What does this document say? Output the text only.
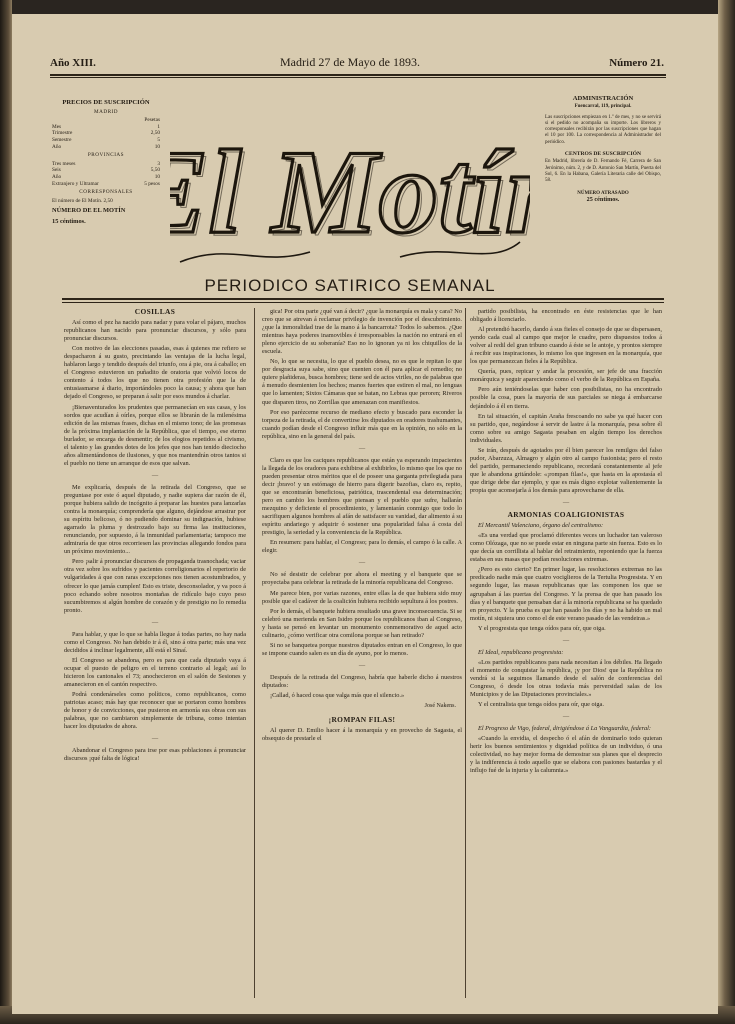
Año XIII.	Madrid 27 de Mayo de 1893.	Número 21.
PRECIOS DE SUSCRIPCIÓN
MADRID
Pesetas
Mes	1
Trimestre	2,50
Semestre	5
Año	10
PROVINCIAS
Tres meses	3
Seis	5,50
Año	10
Extranjero y Ultramar	5 pesos
CORRESPONSALES
El número de El Motín. 2,50
NÚMERO DE EL MOTÍN
15 céntimos.	l Motí
l Motí
PERIODICO SATIRICO SEMANAL
ADMINISTRACIÓN
Fuencarral, 119, principal.
Las suscripciones empiezan en 1.º de mes, y no se servirá si el pedido no acompaña su importe. Los libreros y corresponsales recibirán por las suscripciones que hagan el 10 por 100. La correspondencia al Administrador del periódico.
CENTROS DE SUSCRIPCIÓN
En Madrid, librería de D. Fernando Fé, Carrera de San Jerónimo, núm. 2, y de D. Antonio San Martín, Puerta del Sol, 6. En la Habana, Galería Literaria calle del Obispo, 58.
NÚMERO ATRASADO
25 céntimos.
COSILLAS

Así como el pez ha nacido para nadar y para volar el pájaro, muchos republicanos han nacido para pronunciar discursos, y sólo para pronunciar discursos.

Con motivo de las elecciones pasadas, esas á quienes me refiero se despacharon á su gusto, precintando las ventajas de la lucha legal, hablaron largo y tendido después del triunfo, ora á pie, ora á caballo; en el Congreso estuvieron un puñadito de oratoria que volvió locos de contento á todos los que no tienen otra profesión que la de entusiasmarse á diario, importándoles poco la causa; y ahora que han dejado el Congreso, se preparan á salir por esos mundos á charlar.

¡Bienaventurados los prudentes que permanecían en sus casas, y los sordos que acudían á oírles, porque ellos se librarán de la milenésima edición de las mismas frases, dichas en el mismo tono; de las promesas de la próxima implantación de la República, que el tiempo, ese eterno burlador, se encarga de desmentir; de los elogios repetidos al civismo, el talento y las grandes dotes de los jefes que nos han tenido dieciocho años alimentándonos de ilusiones, y que nos mantendrán otros tantos si el pueblo no tiene un arranque de esos que salvan.

—

Me explicaría, después de la retirada del Congreso, que se preguntase por este ó aquel diputado, y nadie supiera dar razón de él, porque hubiera salido de incógnito á preparar las huestes para lanzarlas contra la monarquía; comprendería que alguno, dejándose arrastrar por su espíritu belicoso, ó no pudiendo dominar su indignación, hubiese agarrado la pluma y destrozado bajo su firma las instituciones, renunciando, por supuesto, á la inmunidad parlamentaria; tampoco me admiraría de que otros recorriesen las provincias allegando fondos para un próximo movimiento...

Pero ¡salir á pronunciar discursos de propaganda trasnochada; vaciar otra vez sobre los sufridos y pacientes correligionarios el repertorio de vulgaridades á que con raras excepciones nos tienen acostumbrados, y ofrecer lo que jamás cumplen! Esto es triste, desconsolador, y va poco á poco echando sobre nosotros montañas de ridículo bajo cuyo peso sucumbiremos si algún hombre de corazón y de prestigio no lo remedia pronto.

—

Para hablar, y que lo que se habla llegue á todas partes, no hay nada como el Congreso. No han debido ir á él, sino á otra parte; más una vez decididos á inclinar legalmente, allí está el Sinaí.

El Congreso se abandona, pero es para que cada diputado vaya á ocupar el puesto de peligro en el terreno contrario al legal; así lo hicieron los cantonales el 73; anochecieron en el salón de Sesiones y amanecieron en el cantón respectivo.

Podrá condenárseles como políticos, como republicanos, como patriotas acaso; más hay que reconocer que se portaron como hombres de honor y de convicciones, que pusieron en armonía sus obras con sus palabras, que no cambiaron simplemente de tribuna, como intentan hacer los diputados de ahora.

—

Abandonar el Congreso para irse por esas poblaciones á pronunciar discursos ¡qué falta de lógica!

gica! Por otra parte ¿qué van á decir? ¿que la monarquía es mala y cara? No creo que se atrevan á reclamar privilegio de invención por el descubrimiento. ¿que la inmoralidad trae de la mano á la bancarrota? Todos lo sabemos. ¿Que mientras haya poderes inamovibles é irresponsables la nación no entrará en el pleno ejercicio de su soberanía? Eso no lo ignoran ya ni los chiquillos de la escuela.

No, lo que se necesita, lo que el pueblo desea, no es que le repitan lo que por desgracia suya sabe, sino que cuenten con él para aplicar el remedio; no quiere plañideras, busca hombres; tiene sed de actos viriles, no de palabras que á menudo desmienten los hechos; manos fuertes que estiren el mal, no lenguas que lo lamenten; Sixtos Cámaras que se batan, no Lebras que peroren; Riveros que disparen tiros, no Zorrillas que amenazan con manifiestos.

Por eso parézceme recurso de mediano efecto y buscado para esconder la torpeza de la retirada, el de convertirse los diputados en oradores trashumantes, cuando podían desde el Congreso influir más que en la opinión, no sólo en la república, sino en la general del país.

—

Claro es que los caciques republicanos que están ya esperando impacientes la llegada de los oradores para exhibirse al exhibirlos, lo mismo que los que no pueden presentar otros méritos que el de poseer una garganta privilegiada para decir ¡bravo! y un estómago de hierro para digerir bazofias, claro es, repito, que se encontrarán beneficiosa, patriótica, trascendental esa determinación; pero en cambio los hombres que piensan y el pueblo que sufre, hallarán mezquino y deficiente el procedimiento, y lamentarán conmigo que todo lo sacrifiquen algunos hombres al afán de satisfacer su vanidad, dar alimento á su espíritu andariego y adquirir ó sostener una popularidad falsa á costa del prestigio, la seriedad y la conveniencia de la República.

En resumen: para hablar, el Congreso; para lo demás, el campo ó la calle. A elegir.

—

No sé desistir de celebrar por ahora el meeting y el banquete que se proyectaba para celebrar la retirada de la minoría republicana del Congreso.

Me parece bien, por varias razones, entre ellas la de que hubiera sido muy posible que el cadáver de la coalición hubiera recibido sepultura á los postres.

Por lo demás, el banquete hubiera resultado una grave inconsecuencia. Si se celebró una merienda en San Isidro porque los republicanos iban al Congreso, y hasta se pensó en levantar un monumento conmemorativo de aquel acto culinario, ¿cómo verificar otra comilona porque se han retirado?

Si no se banquetea porque nuestros diputados entran en el Congreso, lo que se impone cuando salen es un día de ayuno, por lo menos.

—

Después de la retirada del Congreso, habría que haberle dicho á nuestros diputados:

¡Callad, ó haced cosa que valga más que el silencio.»

José Nakens.
¡ROMPAN FILAS!

Al querer D. Emilio hacer á la monarquía y en provecho de Sagasta, el obsequio de prestarle el

partido posibilista, ha encontrado en éste resistencias que le han obligado á licenciarlo.

Al pretendió hacerlo, dando á sus fieles el consejo de que se dispersasen, yendo cada cual al campo que mejor le cuadre, pero dispuestos todos á volver al redil del gran tribuno cuando á éste se le antoje, y prontos siempre á recibir sus inspiraciones, lo mismo los que ingresen en la monarquía, que los que permanezcan fieles á la República.

Quería, pues, repicar y andar la procesión, ser jefe de una fracción monárquica y seguir apareciendo como el verbo de la República en España.

Pero aún teniéndoselas que haber con posibilistas, no ha encontrado posible la cosa, pues la mayoría de sus parciales se niega á embarcarse dejándolo á él en tierra.

En tal situación, el capitán Araña frescoando no sabe ya qué hacer con su partido, que, negándose á servir de lastre á la monarquía, pesa sobre él como sobre su amigo Sagasta pesaban en algún tiempo los derechos individuales.

Se irán, después de agotados por él bien parecer los remilgos del falso pudor, Abarzuza, Almagro y algún otro al campo fusionista; pero el resto del partido, permaneciendo republicano, recordará constantemente al jefe que le abandona gritándole: «¡rompan filas!», que hasta en la apostasía el que dirige debe dar ejemplo, y que es más digno explotar valientemente la propia que aconsejarla á los demás para aprovecharse de ella.

—
ARMONIAS COALIGIONISTAS

El Mercantil Valenciano, órgano del centralismo:

«Es una verdad que proclamó diferentes veces un luchador tan valeroso como Olózaga, que no se puede estar en ninguna parte sin fuerza. Esto es lo que decía un corrillista al hablar del retraimiento, reponiendo que la fuerza estaba en sus masas que podían resoluciones extremas.

¿Pero es esto cierto? En primer lugar, las resoluciones extremas no las predicado nadie más que cuatro vociglieros de la Tertulia Progresista. Y en segundo lugar, las masas republicanas que las componen los que se agrupaban á las puertas del Congreso. Y la prensa de que han pasado los días y el banquete que pensaban dar á la minoría republicana se ha quedado en proyecto. Y la prueba es que han pasado los días y no ha habido un mal motín, ni siquiera uno como el de este verano pasado de las vendeiras.»

Y el progresista que tenga oídos para oír, que oiga.

—

El Ideal, republicano progresista:

«Los partidos republicanos para nada necesitan á los débiles. Ha llegado el momento de conquistar la república, ¡y por Dios! que la República no vendrá si la seguimos llamando desde el salón de conferencias del Congreso, ó desde los otras todavía más perversidad salas de los Municipios y de las Diputaciones provinciales.»

Y el centralista que tenga oídos para oír, que oiga.

—

El Progreso de Vigo, federal, dirigiéndose á La Vanguardia, federal:

«Cuando la envidia, el despecho ó el afán de dominarlo todo quieran herir los buenos sentimientos y dignidad política de un individuo, ó una colectividad, no hay mejor forma de demostrar sus planes que el desprecio y la indiferencia á todo aquello que se elabora con pasiones bastardas y el influjo fué de la injuria y la calumnia.»
